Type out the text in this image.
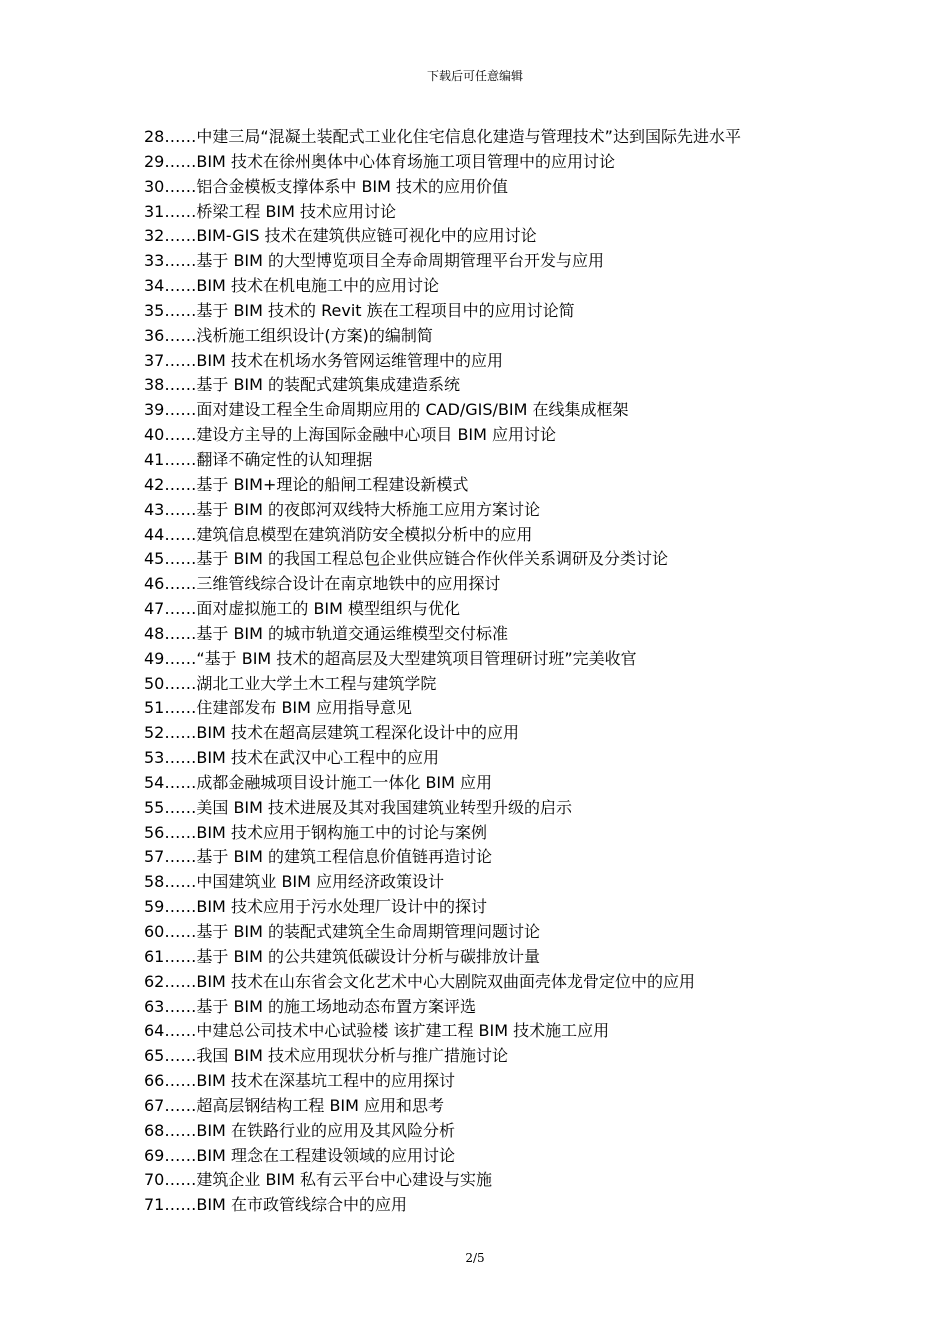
下载后可任意编辑
28……中建三局“混凝土装配式工业化住宅信息化建造与管理技术”达到国际先进水平
29……BIM 技术在徐州奥体中心体育场施工项目管理中的应用讨论
30……铝合金模板支撑体系中 BIM 技术的应用价值
31……桥梁工程 BIM 技术应用讨论
32……BIM-GIS 技术在建筑供应链可视化中的应用讨论
33……基于 BIM 的大型博览项目全寿命周期管理平台开发与应用
34……BIM 技术在机电施工中的应用讨论
35……基于 BIM 技术的 Revit 族在工程项目中的应用讨论简
36……浅析施工组织设计(方案)的编制简
37……BIM 技术在机场水务管网运维管理中的应用
38……基于 BIM 的装配式建筑集成建造系统
39……面对建设工程全生命周期应用的 CAD/GIS/BIM 在线集成框架
40……建设方主导的上海国际金融中心项目 BIM 应用讨论
41……翻译不确定性的认知理据
42……基于 BIM+理论的船闸工程建设新模式
43……基于 BIM 的夜郎河双线特大桥施工应用方案讨论
44……建筑信息模型在建筑消防安全模拟分析中的应用
45……基于 BIM 的我国工程总包企业供应链合作伙伴关系调研及分类讨论
46……三维管线综合设计在南京地铁中的应用探讨
47……面对虚拟施工的 BIM 模型组织与优化
48……基于 BIM 的城市轨道交通运维模型交付标准
49……“基于 BIM 技术的超高层及大型建筑项目管理研讨班”完美收官
50……湖北工业大学土木工程与建筑学院
51……住建部发布 BIM 应用指导意见
52……BIM 技术在超高层建筑工程深化设计中的应用
53……BIM 技术在武汉中心工程中的应用
54……成都金融城项目设计施工一体化 BIM 应用
55……美国 BIM 技术进展及其对我国建筑业转型升级的启示
56……BIM 技术应用于钢构施工中的讨论与案例
57……基于 BIM 的建筑工程信息价值链再造讨论
58……中国建筑业 BIM 应用经济政策设计
59……BIM 技术应用于污水处理厂设计中的探讨
60……基于 BIM 的装配式建筑全生命周期管理问题讨论
61……基于 BIM 的公共建筑低碳设计分析与碳排放计量
62……BIM 技术在山东省会文化艺术中心大剧院双曲面壳体龙骨定位中的应用
63……基于 BIM 的施工场地动态布置方案评选
64……中建总公司技术中心试验楼 该扩建工程 BIM 技术施工应用
65……我国 BIM 技术应用现状分析与推广措施讨论
66……BIM 技术在深基坑工程中的应用探讨
67……超高层钢结构工程 BIM 应用和思考
68……BIM 在铁路行业的应用及其风险分析
69……BIM 理念在工程建设领域的应用讨论
70……建筑企业 BIM 私有云平台中心建设与实施
71……BIM 在市政管线综合中的应用
2/5
